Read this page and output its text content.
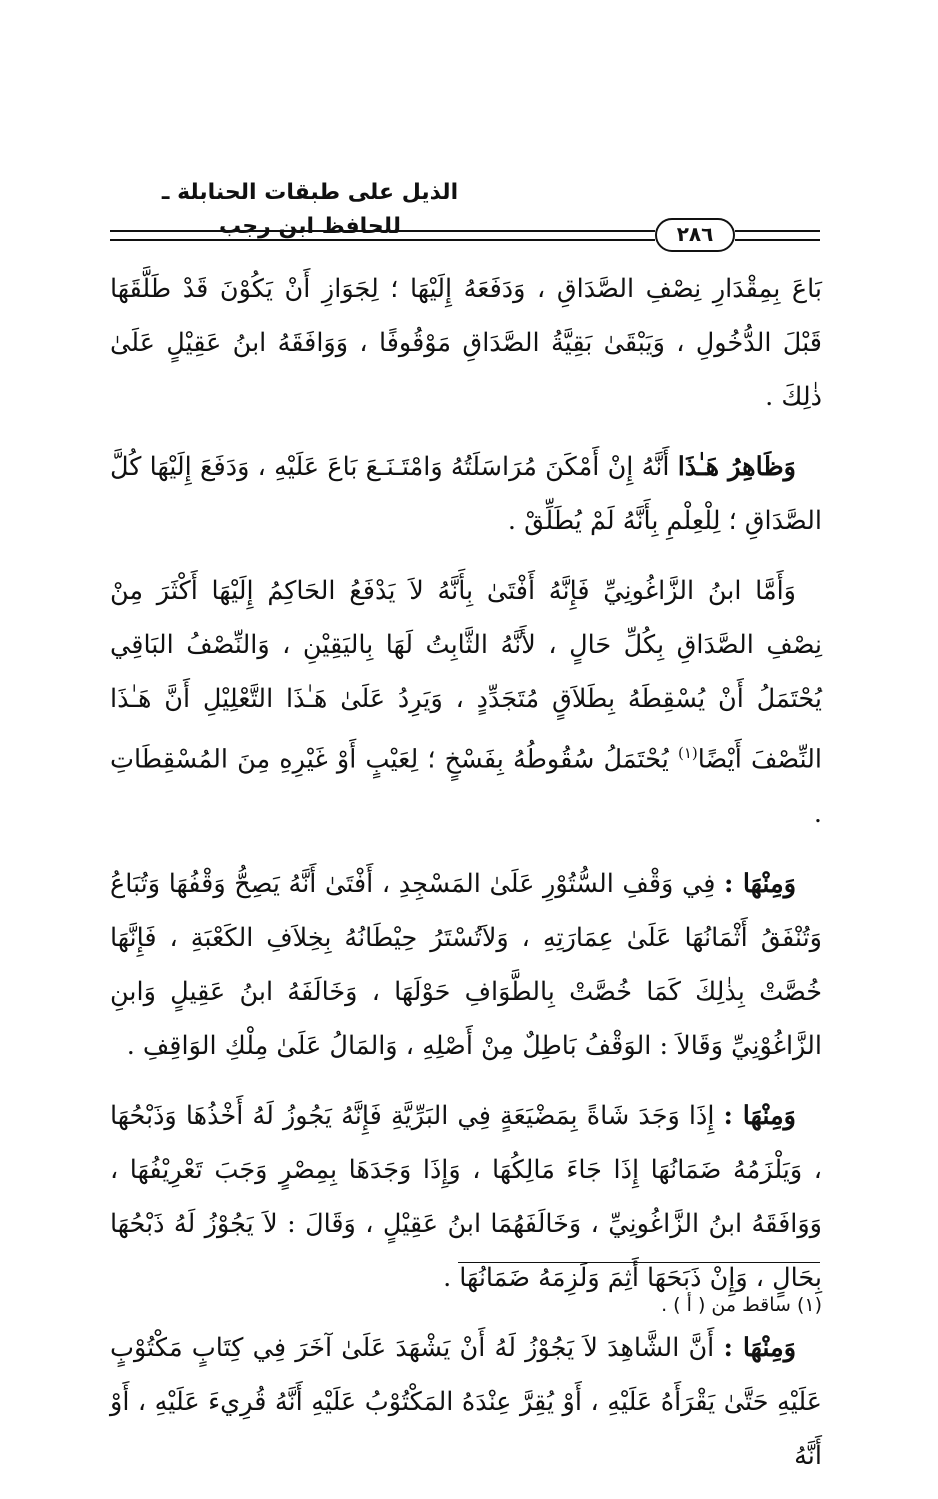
الذيل على طبقات الحنابلة ـ للحافظ ابن رجب	٢٨٦

بَاعَ بِمِقْدَارِ نِصْفِ الصَّدَاقِ ، وَدَفَعَهُ إِلَيْهَا ؛ لِجَوَازِ أَنْ يَكُوْنَ قَدْ طَلَّقَهَا قَبْلَ الدُّخُولِ ، وَيَبْقَىٰ بَقِيَّةُ الصَّدَاقِ مَوْقُوفًا ، وَوَافَقَهُ ابنُ عَقِيْلٍ عَلَىٰ ذٰلِكَ .

وَظَاهِرُ هَـٰذَا أَنَّهُ إِنْ أَمْكَنَ مُرَاسَلَتُهُ وَامْتَـنَـعَ بَاعَ عَلَيْهِ ، وَدَفَعَ إِلَيْهَا كُلَّ الصَّدَاقِ ؛ لِلْعِلْمِ بِأَنَّهُ لَمْ يُطَلِّقْ .

وَأَمَّا ابنُ الزَّاغُونِيِّ فَإِنَّهُ أَفْتَىٰ بِأَنَّهُ لاَ يَدْفَعُ الحَاكِمُ إِلَيْهَا أَكْثَرَ مِنْ نِصْفِ الصَّدَاقِ بِكُلِّ حَالٍ ، لأَنَّهُ الثَّابِتُ لَهَا بِاليَقِيْنِ ، وَالنِّصْفُ البَاقِي يُحْتَمَلُ أَنْ يُسْقِطَهُ بِطَلاَقٍ مُتَجَدِّدٍ ، وَيَرِدُ عَلَىٰ هَـٰذَا التَّعْلِيْلِ أَنَّ هَـٰذَا النِّصْفَ أَيْضًا$^{(١)}$ يُحْتَمَلُ سُقُوطُهُ بِفَسْخٍ ؛ لِعَيْبٍ أَوْ غَيْرِهِ مِنَ المُسْقِطَاتِ .

وَمِنْهَا : فِي وَقْفِ السُّتُوْرِ عَلَىٰ المَسْجِدِ ، أَفْتَىٰ أَنَّهُ يَصِحُّ وَقْفُهَا وَتُبَاعُ وَتُنْفَقُ أَثْمَانُهَا عَلَىٰ عِمَارَتِهِ ، وَلاَتُسْتَرُ حِيْطَانُهُ بِخِلاَفِ الكَعْبَةِ ، فَإِنَّهَا خُصَّتْ بِذٰلِكَ كَمَا خُصَّتْ بِالطَّوَافِ حَوْلَهَا ، وَخَالَفَهُ ابنُ عَقِيلٍ وَابنِ الزَّاغُوْنِيِّ وَقَالاَ : الوَقْفُ بَاطِلٌ مِنْ أَصْلِهِ ، وَالمَالُ عَلَىٰ مِلْكِ الوَاقِفِ .

وَمِنْهَا : إِذَا وَجَدَ شَاةً بِمَضْيَعَةٍ فِي البَرِّيَّةِ فَإِنَّهُ يَجُوزُ لَهُ أَخْذُهَا وَذَبْحُهَا ، وَيَلْزَمُهُ ضَمَانُهَا إِذَا جَاءَ مَالِكُهَا ، وَإِذَا وَجَدَهَا بِمِصْرٍ وَجَبَ تَعْرِيْفُهَا ، وَوَافَقَهُ ابنُ الزَّاغُونِيِّ ، وَخَالَفَهُمَا ابنُ عَقِيْلٍ ، وَقَالَ : لاَ يَجُوْزُ لَهُ ذَبْحُهَا بِحَالٍ ، وَإِنْ ذَبَحَهَا أَثِمَ وَلَزِمَهُ ضَمَانُهَا .

وَمِنْهَا : أَنَّ الشَّاهِدَ لاَ يَجُوْزُ لَهُ أَنْ يَشْهَدَ عَلَىٰ آخَرَ فِي كِتَابٍ مَكْتُوْبٍ عَلَيْهِ حَتَّىٰ يَقْرَأَهُ عَلَيْهِ ، أَوْ يُقِرَّ عِنْدَهُ المَكْتُوْبُ عَلَيْهِ أَنَّهُ قُرِيءَ عَلَيْهِ ، أَوْ أَنَّهُ

(١) ساقط من ( أ ) .
